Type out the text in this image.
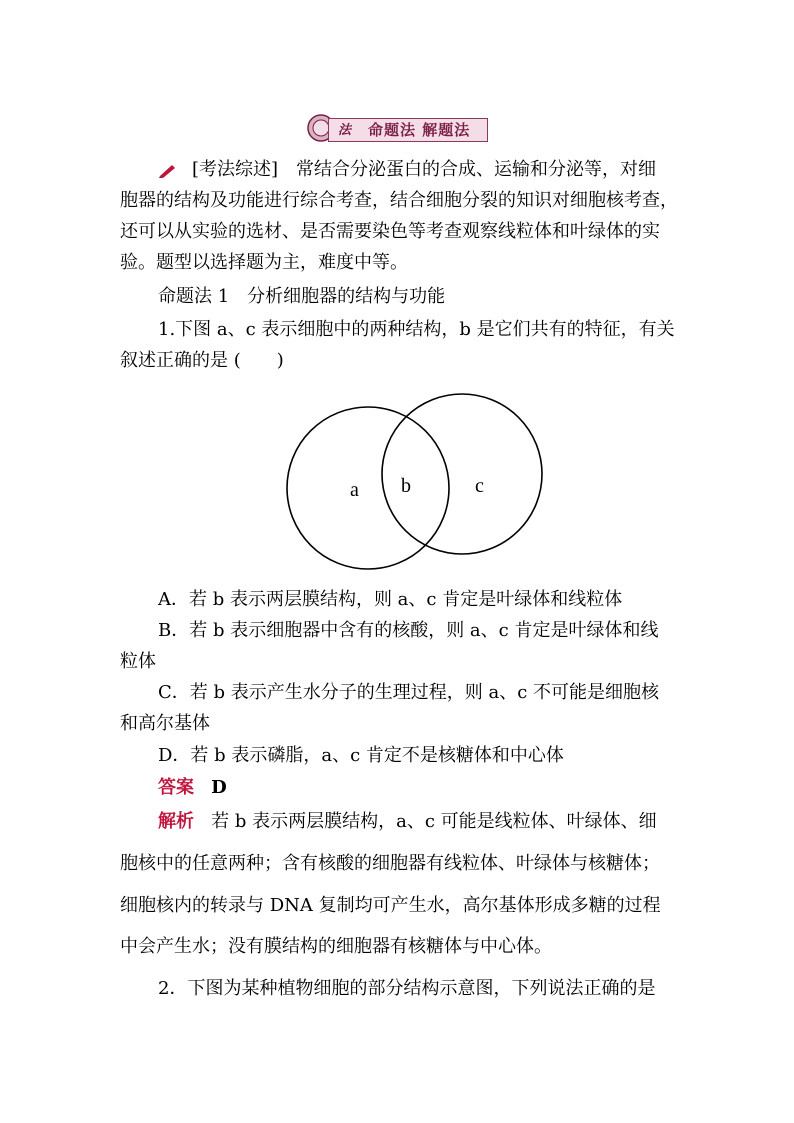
法 命题法 解题法

[考法综述]　常结合分泌蛋白的合成、运输和分泌等，对细

胞器的结构及功能进行综合考查，结合细胞分裂的知识对细胞核考查，

还可以从实验的选材、是否需要染色等考查观察线粒体和叶绿体的实

验。题型以选择题为主，难度中等。

命题法 1　分析细胞器的结构与功能

1.下图 a、c 表示细胞中的两种结构，b 是它们共有的特征，有关

叙述正确的是 (　　)

a b	c

A．若 b 表示两层膜结构，则 a、c 肯定是叶绿体和线粒体

B．若 b 表示细胞器中含有的核酸，则 a、c 肯定是叶绿体和线

粒体

C．若 b 表示产生水分子的生理过程，则 a、c 不可能是细胞核

和高尔基体

D．若 b 表示磷脂，a、c 肯定不是核糖体和中心体

答案 D

解析 若 b 表示两层膜结构，a、c 可能是线粒体、叶绿体、细

胞核中的任意两种；含有核酸的细胞器有线粒体、叶绿体与核糖体；

细胞核内的转录与 DNA 复制均可产生水，高尔基体形成多糖的过程

中会产生水；没有膜结构的细胞器有核糖体与中心体。

2．下图为某种植物细胞的部分结构示意图，下列说法正确的是
